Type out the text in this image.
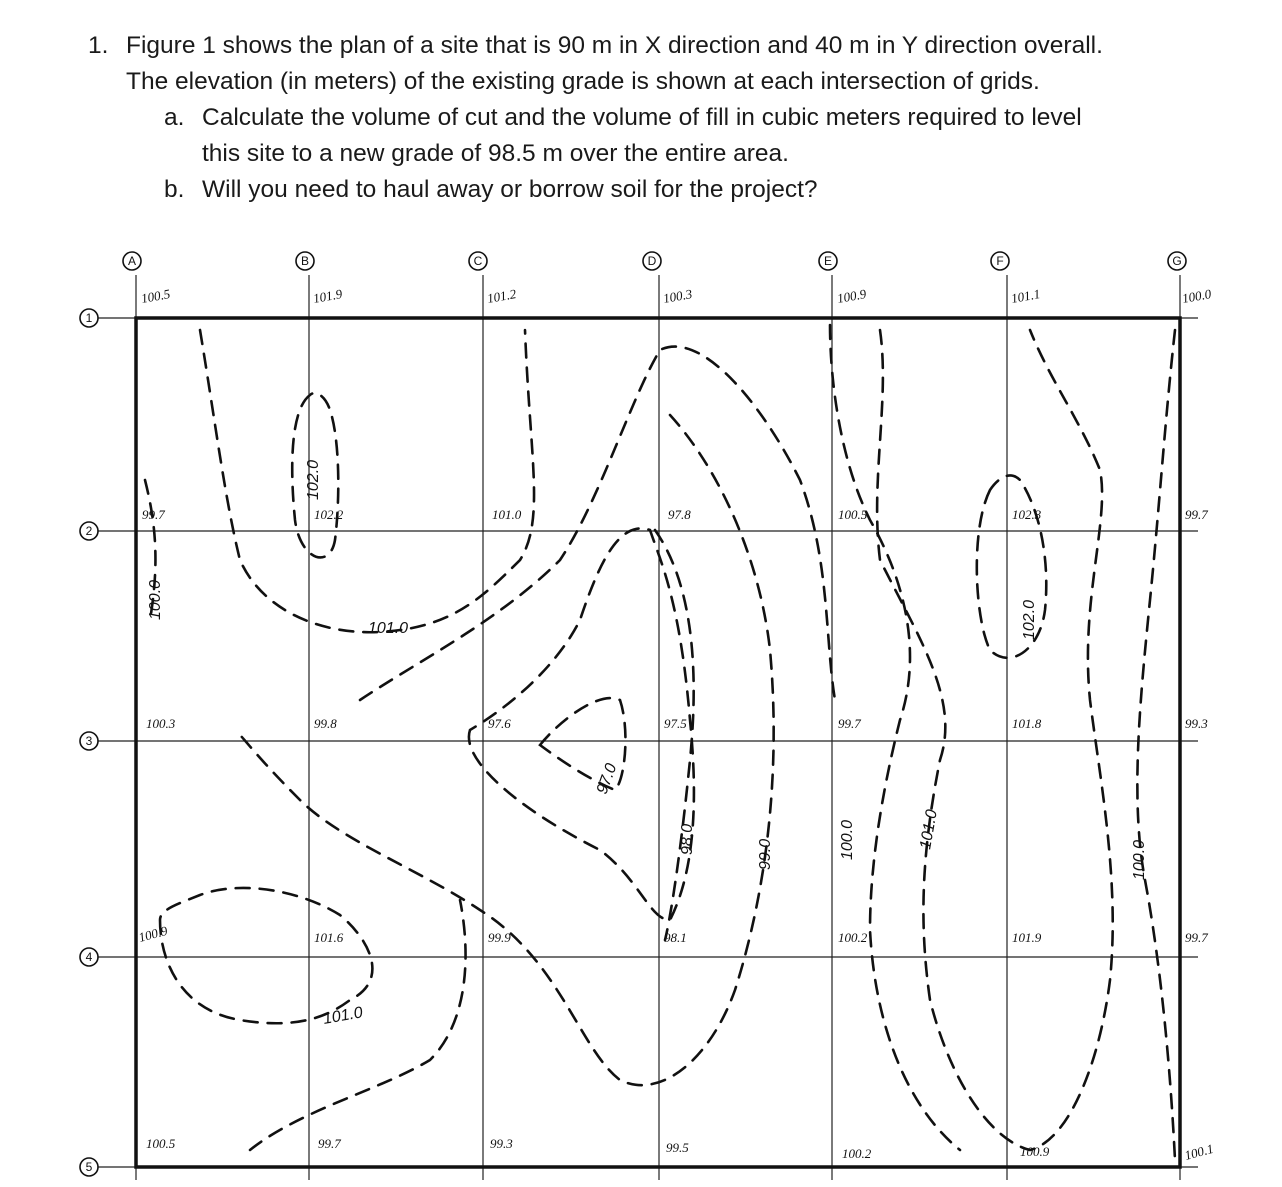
1. Figure 1 shows the plan of a site that is 90 m in X direction and 40 m in Y direction overall.
The elevation (in meters) of the existing grade is shown at each intersection of grids.
a. Calculate the volume of cut and the volume of fill in cubic meters required to level
this site to a new grade of 98.5 m over the entire area.
b. Will you need to haul away or borrow soil for the project?
A	B	C	D	E	F	G
1
2
3
4
5
100.5	101.9	101.2	100.3	100.9	101.1	100.0
99.7	102.2	101.0	97.8	100.5	102.3	99.7
100.3	99.8	97.6	97.5	99.7	101.8	99.3
100.9	101.6	99.9	98.1	100.2	101.9	99.7
100.5	99.7	99.3	99.5	100.2	100.9	100.1
102.0
100.0
101.0
97.0
98.0	99.0	100.0	101.0
102.0
100.0
101.0
